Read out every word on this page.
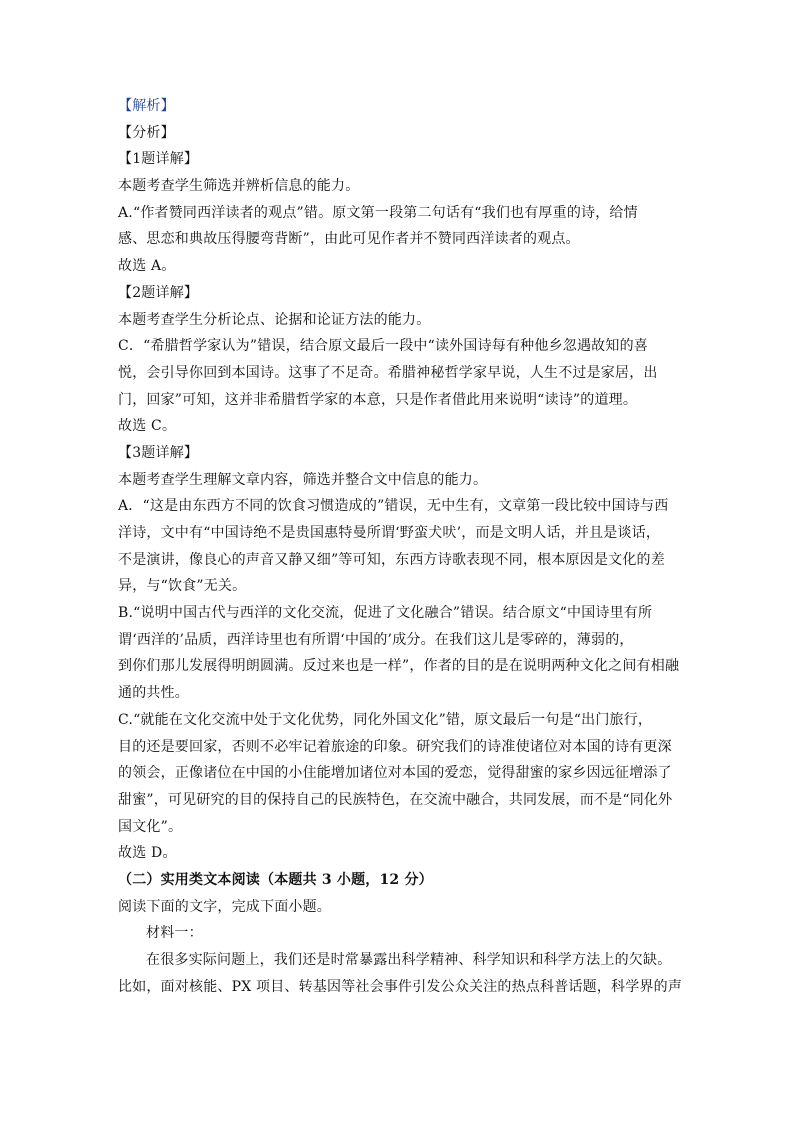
【解析】
【分析】
【1题详解】
本题考查学生筛选并辨析信息的能力。
A.“作者赞同西洋读者的观点”错。原文第一段第二句话有“我们也有厚重的诗，给情
感、思恋和典故压得腰弯背断”，由此可见作者并不赞同西洋读者的观点。
故选 A。
【2题详解】
本题考查学生分析论点、论据和论证方法的能力。
C．“希腊哲学家认为”错误，结合原文最后一段中“读外国诗每有种他乡忽遇故知的喜
悦，会引导你回到本国诗。这事了不足奇。希腊神秘哲学家早说，人生不过是家居，出
门，回家”可知，这并非希腊哲学家的本意，只是作者借此用来说明“读诗”的道理。
故选 C。
【3题详解】
本题考查学生理解文章内容，筛选并整合文中信息的能力。
A．“这是由东西方不同的饮食习惯造成的”错误，无中生有，文章第一段比较中国诗与西
洋诗，文中有“中国诗绝不是贵国惠特曼所谓‘野蛮犬吠’，而是文明人话，并且是谈话，
不是演讲，像良心的声音又静又细”等可知，东西方诗歌表现不同，根本原因是文化的差
异，与“饮食”无关。
B.“说明中国古代与西洋的文化交流，促进了文化融合”错误。结合原文“中国诗里有所
谓‘西洋的’品质，西洋诗里也有所谓‘中国的’成分。在我们这儿是零碎的，薄弱的，
到你们那儿发展得明朗圆满。反过来也是一样”，作者的目的是在说明两种文化之间有相融
通的共性。
C.“就能在文化交流中处于文化优势，同化外国文化”错，原文最后一句是“出门旅行，
目的还是要回家，否则不必牢记着旅途的印象。研究我们的诗准使诸位对本国的诗有更深
的领会，正像诸位在中国的小住能增加诸位对本国的爱恋，觉得甜蜜的家乡因远征增添了
甜蜜”，可见研究的目的保持自己的民族特色，在交流中融合，共同发展，而不是“同化外
国文化”。
故选 D。
（二）实用类文本阅读（本题共 3 小题，12 分）
阅读下面的文字，完成下面小题。
材料一：
在很多实际问题上，我们还是时常暴露出科学精神、科学知识和科学方法上的欠缺。
比如，面对核能、PX 项目、转基因等社会事件引发公众关注的热点科普话题，科学界的声
